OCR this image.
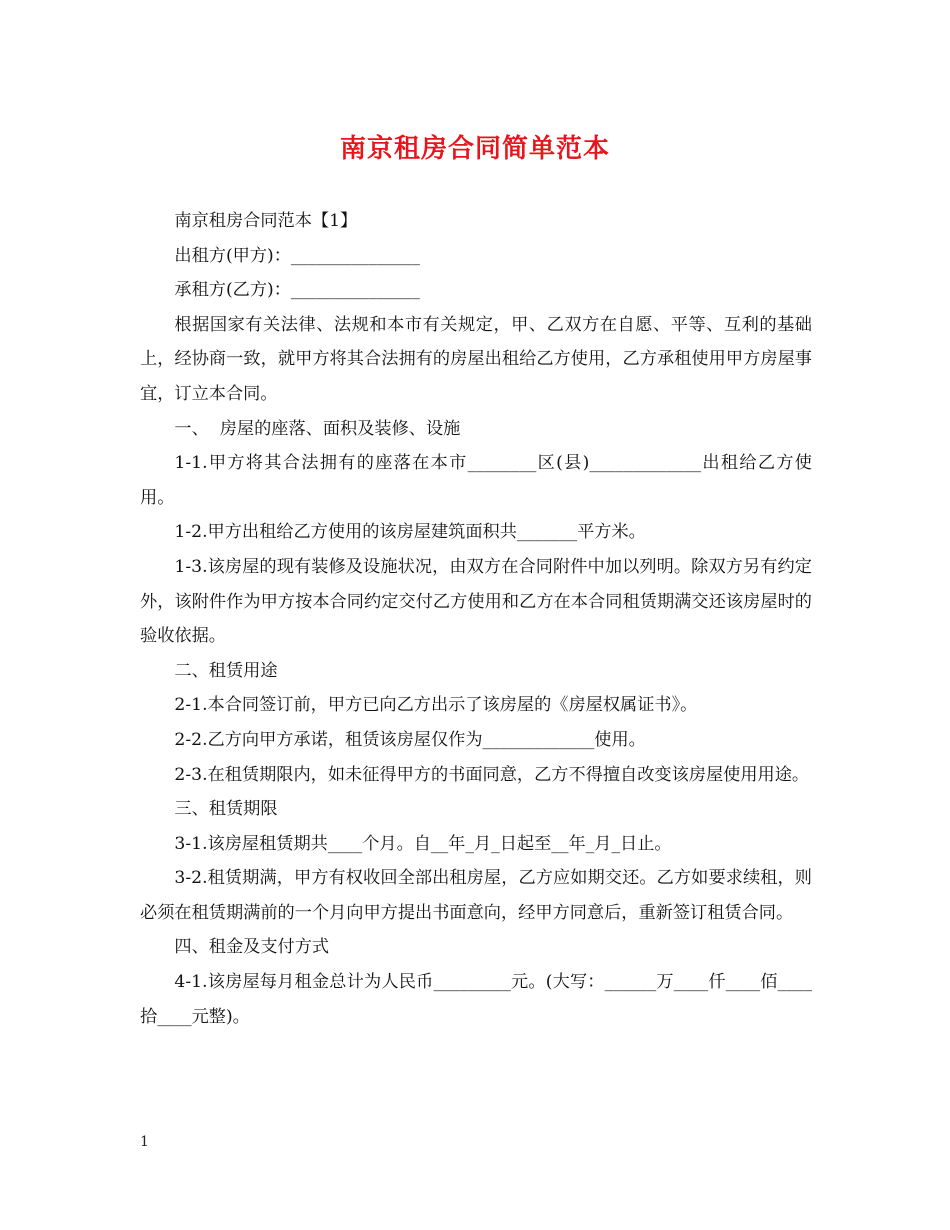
南京租房合同简单范本

南京租房合同范本【1】

出租方(甲方)：_______________

承租方(乙方)：_______________

根据国家有关法律、法规和本市有关规定，甲、乙双方在自愿、平等、互利的基础上，经协商一致，就甲方将其合法拥有的房屋出租给乙方使用，乙方承租使用甲方房屋事宜，订立本合同。

一、  房屋的座落、面积及装修、设施

1-1.甲方将其合法拥有的座落在本市________区(县)_____________出租给乙方使用。

1-2.甲方出租给乙方使用的该房屋建筑面积共_______平方米。

1-3.该房屋的现有装修及设施状况，由双方在合同附件中加以列明。除双方另有约定外，该附件作为甲方按本合同约定交付乙方使用和乙方在本合同租赁期满交还该房屋时的验收依据。

二、租赁用途

2-1.本合同签订前，甲方已向乙方出示了该房屋的《房屋权属证书》。

2-2.乙方向甲方承诺，租赁该房屋仅作为_____________使用。

2-3.在租赁期限内，如未征得甲方的书面同意，乙方不得擅自改变该房屋使用用途。

三、租赁期限

3-1.该房屋租赁期共____个月。自__年_月_日起至__年_月_日止。

3-2.租赁期满，甲方有权收回全部出租房屋，乙方应如期交还。乙方如要求续租，则必须在租赁期满前的一个月向甲方提出书面意向，经甲方同意后，重新签订租赁合同。

四、租金及支付方式

4-1.该房屋每月租金总计为人民币_________元。(大写：______万____仟____佰____拾____元整)。

1
